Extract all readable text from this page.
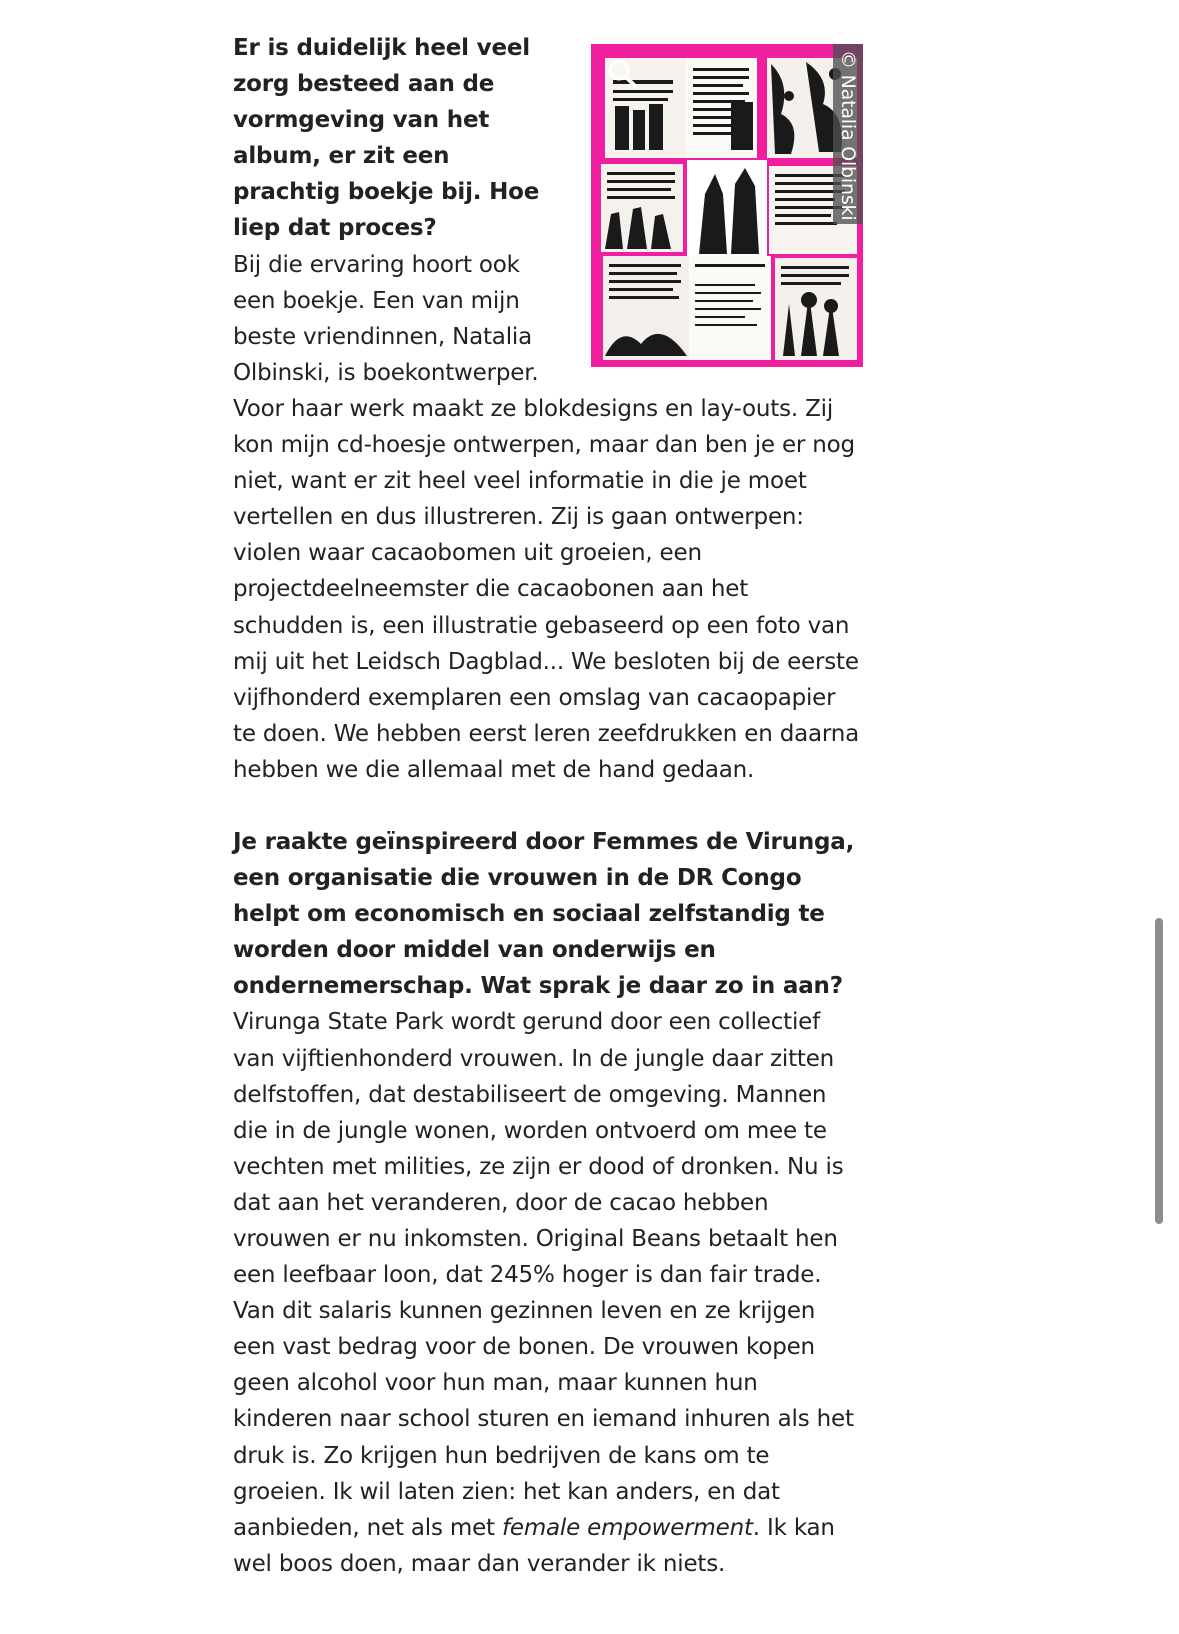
© Natalia Olbinski

Er is duidelijk heel veel zorg besteed aan de vormgeving van het album, er zit een prachtig boekje bij. Hoe liep dat proces?

Bij die ervaring hoort ook een boekje. Een van mijn beste vriendinnen, Natalia Olbinski, is boekontwerper. Voor haar werk maakt ze blokdesigns en lay-outs. Zij kon mijn cd-hoesje ontwerpen, maar dan ben je er nog niet, want er zit heel veel informatie in die je moet vertellen en dus illustreren. Zij is gaan ontwerpen: violen waar cacaobomen uit groeien, een projectdeelneemster die cacaobonen aan het schudden is, een illustratie gebaseerd op een foto van mij uit het Leidsch Dagblad... We besloten bij de eerste vijfhonderd exemplaren een omslag van cacaopapier te doen. We hebben eerst leren zeefdrukken en daarna hebben we die allemaal met de hand gedaan.

Je raakte geïnspireerd door Femmes de Virunga, een organisatie die vrouwen in de DR Congo helpt om economisch en sociaal zelfstandig te worden door middel van onderwijs en ondernemerschap. Wat sprak je daar zo in aan?

Virunga State Park wordt gerund door een collectief van vijftienhonderd vrouwen. In de jungle daar zitten delfstoffen, dat destabiliseert de omgeving. Mannen die in de jungle wonen, worden ontvoerd om mee te vechten met milities, ze zijn er dood of dronken. Nu is dat aan het veranderen, door de cacao hebben vrouwen er nu inkomsten. Original Beans betaalt hen een leefbaar loon, dat 245% hoger is dan fair trade. Van dit salaris kunnen gezinnen leven en ze krijgen een vast bedrag voor de bonen. De vrouwen kopen geen alcohol voor hun man, maar kunnen hun kinderen naar school sturen en iemand inhuren als het druk is. Zo krijgen hun bedrijven de kans om te groeien. Ik wil laten zien: het kan anders, en dat aanbieden, net als met female empowerment. Ik kan wel boos doen, maar dan verander ik niets.
